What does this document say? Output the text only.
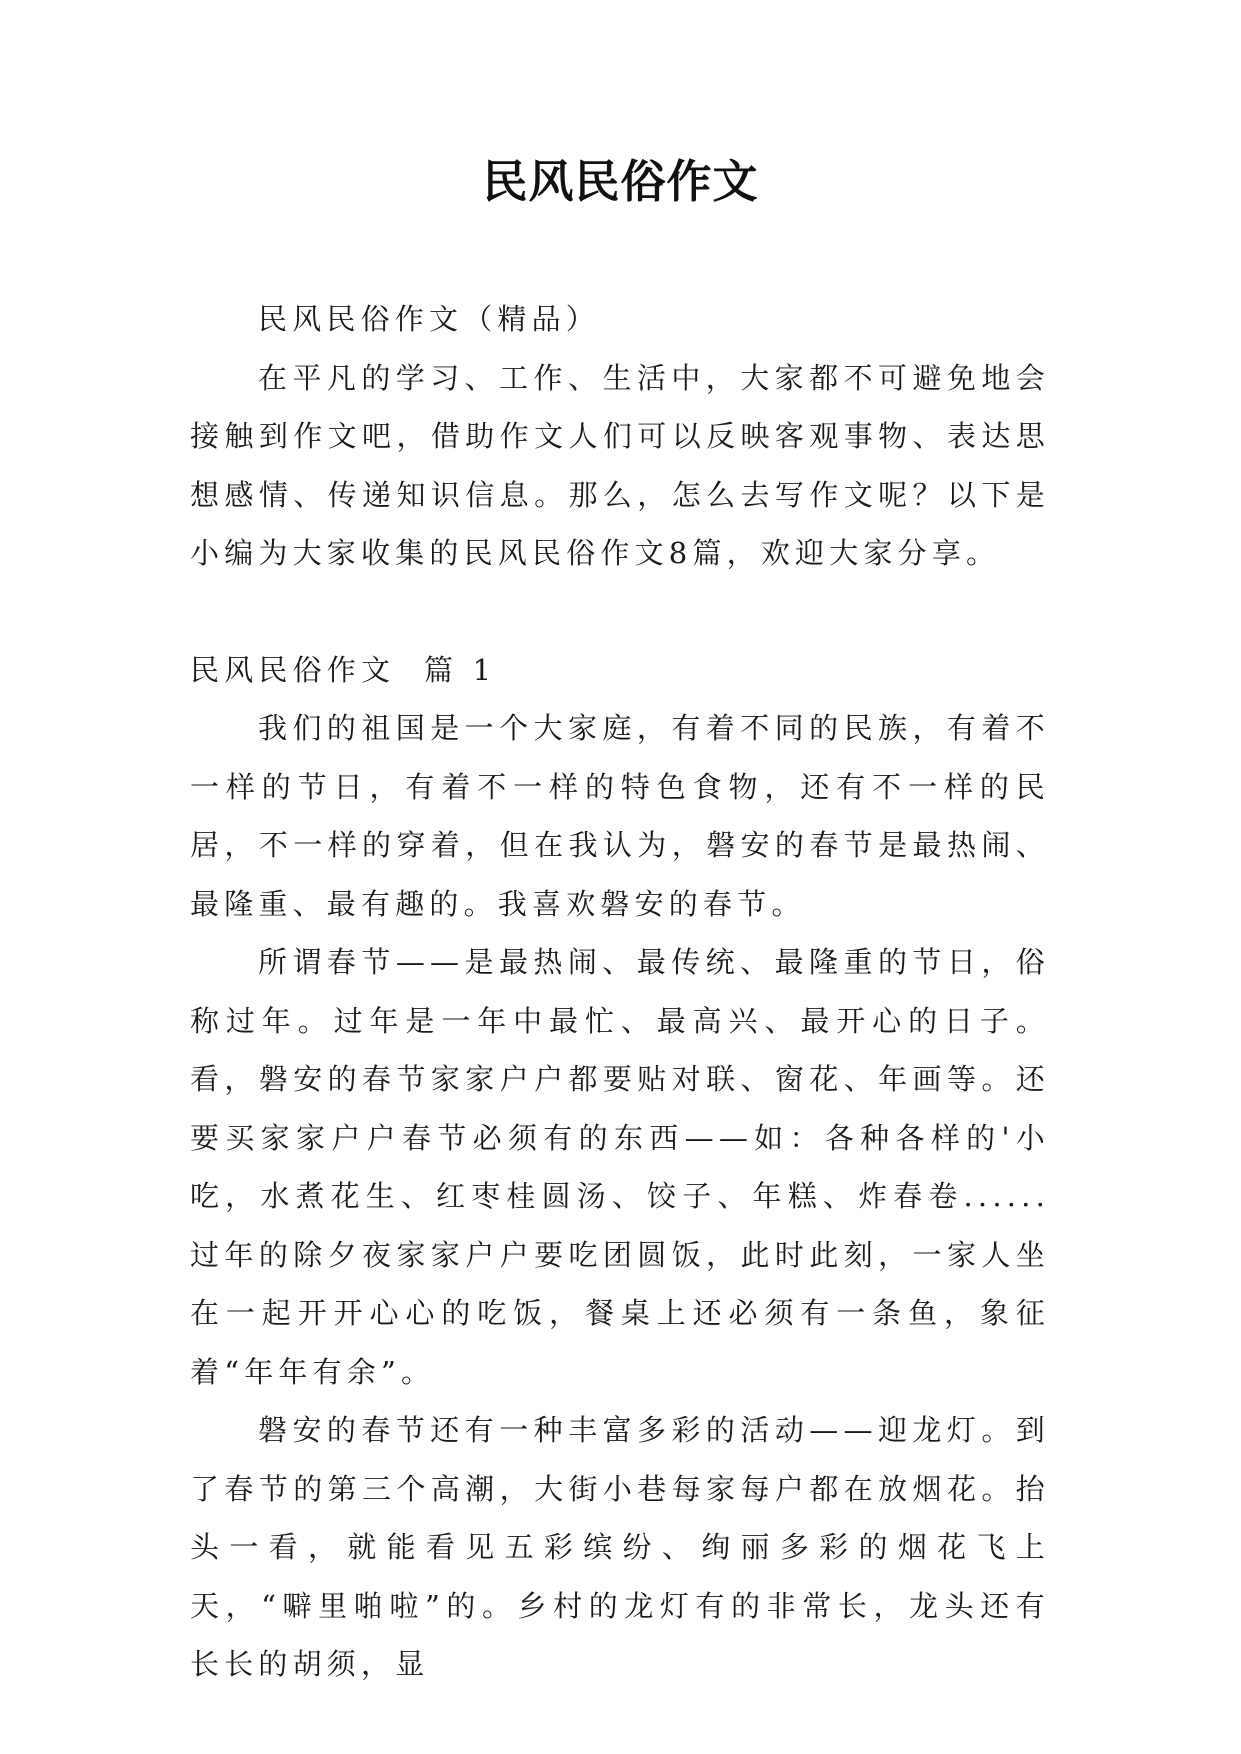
民风民俗作文

民风民俗作文（精品）

在平凡的学习、工作、生活中，大家都不可避免地会接触到作文吧，借助作文人们可以反映客观事物、表达思想感情、传递知识信息。那么，怎么去写作文呢？以下是小编为大家收集的民风民俗作文8篇，欢迎大家分享。

民风民俗作文  篇 1

我们的祖国是一个大家庭，有着不同的民族，有着不一样的节日，有着不一样的特色食物，还有不一样的民居，不一样的穿着，但在我认为，磐安的春节是最热闹、最隆重、最有趣的。我喜欢磐安的春节。

所谓春节——是最热闹、最传统、最隆重的节日，俗称过年。过年是一年中最忙、最高兴、最开心的日子。看，磐安的春节家家户户都要贴对联、窗花、年画等。还要买家家户户春节必须有的东西——如：各种各样的'小吃，水煮花生、红枣桂圆汤、饺子、年糕、炸春卷......过年的除夕夜家家户户要吃团圆饭，此时此刻，一家人坐在一起开开心心的吃饭，餐桌上还必须有一条鱼，象征着“年年有余”。

磐安的春节还有一种丰富多彩的活动——迎龙灯。到了春节的第三个高潮，大街小巷每家每户都在放烟花。抬头一看，就能看见五彩缤纷、绚丽多彩的烟花飞上天，“噼里啪啦”的。乡村的龙灯有的非常长，龙头还有长长的胡须，显
